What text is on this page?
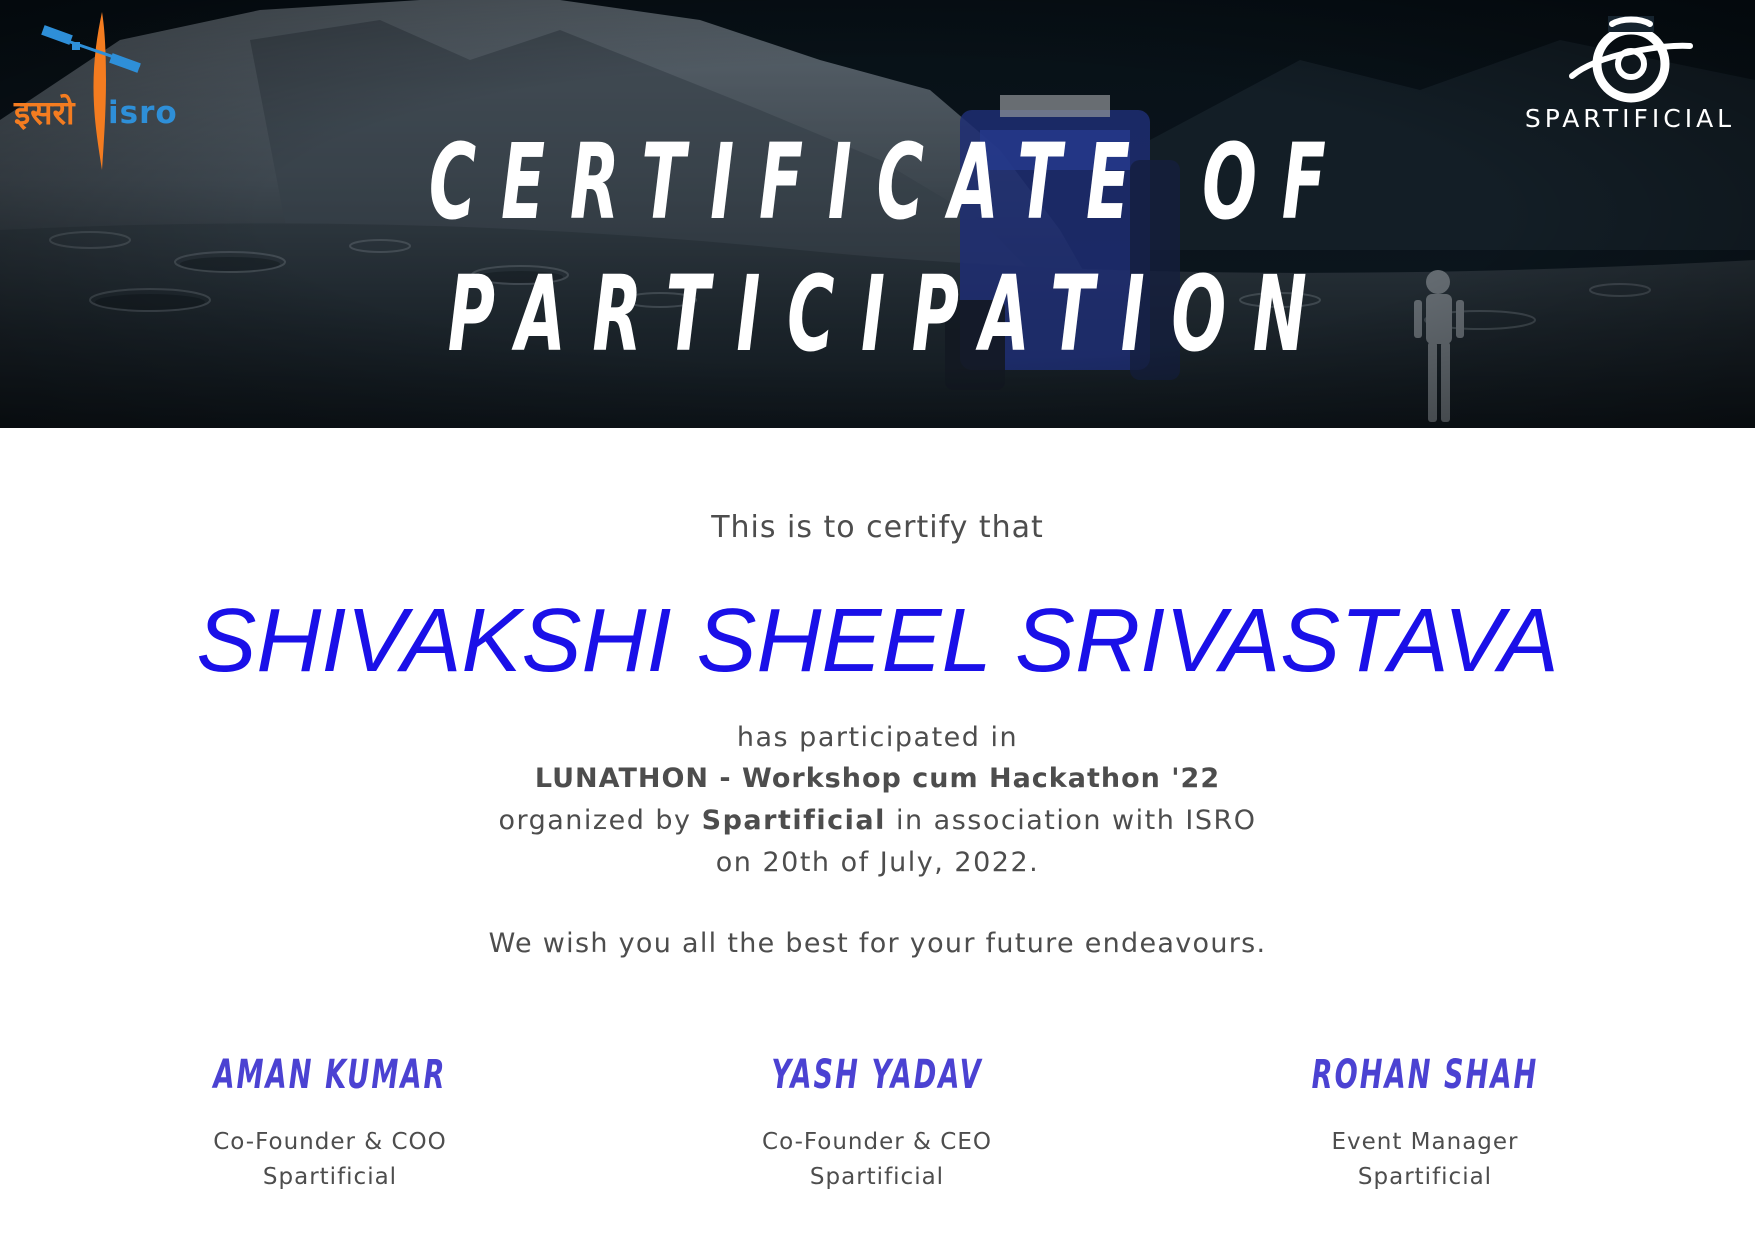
इसरो isro	SPARTIFICIAL
CERTIFICATE OF
PARTICIPATION
This is to certify that
SHIVAKSHI SHEEL SRIVASTAVA
has participated in
LUNATHON - Workshop cum Hackathon '22
organized by Spartificial in association with ISRO
on 20th of July, 2022.
We wish you all the best for your future endeavours.
AMAN KUMAR
Co-Founder & COO
Spartificial
YASH YADAV
Co-Founder & CEO
Spartificial
ROHAN SHAH
Event Manager
Spartificial
